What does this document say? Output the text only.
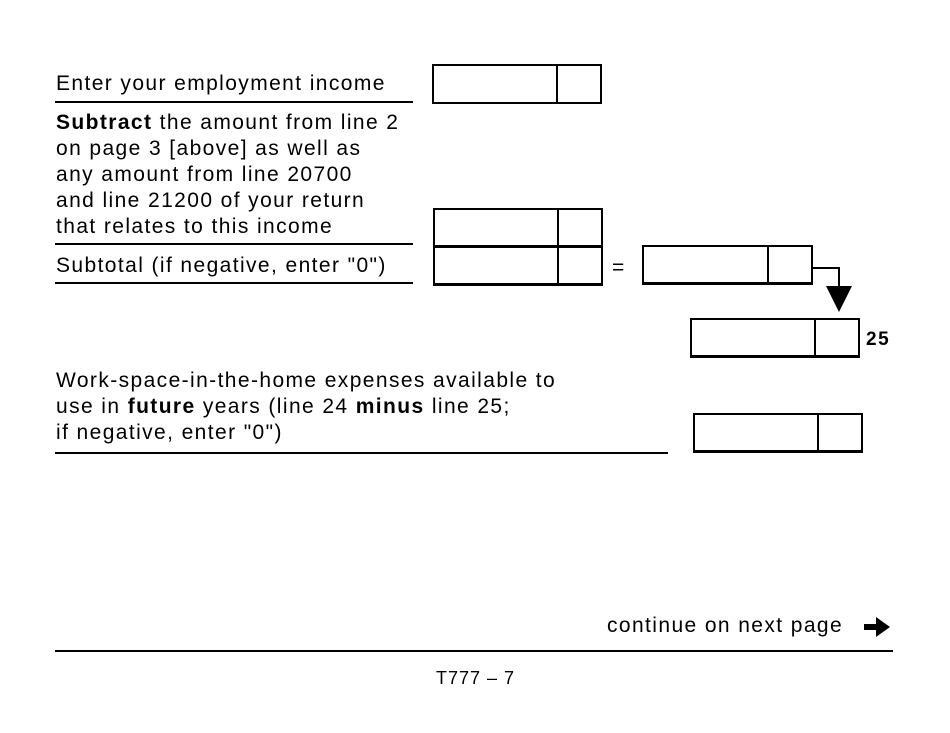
Enter your employment income
Subtract the amount from line 2
on page 3 [above] as well as
any amount from line 20700
and line 21200 of your return
that relates to this income
Subtotal (if negative, enter "0")	=
25
Work-space-in-the-home expenses available to
use in future years (line 24 minus line 25;
if negative, enter "0")
continue on next page
T777 – 7
